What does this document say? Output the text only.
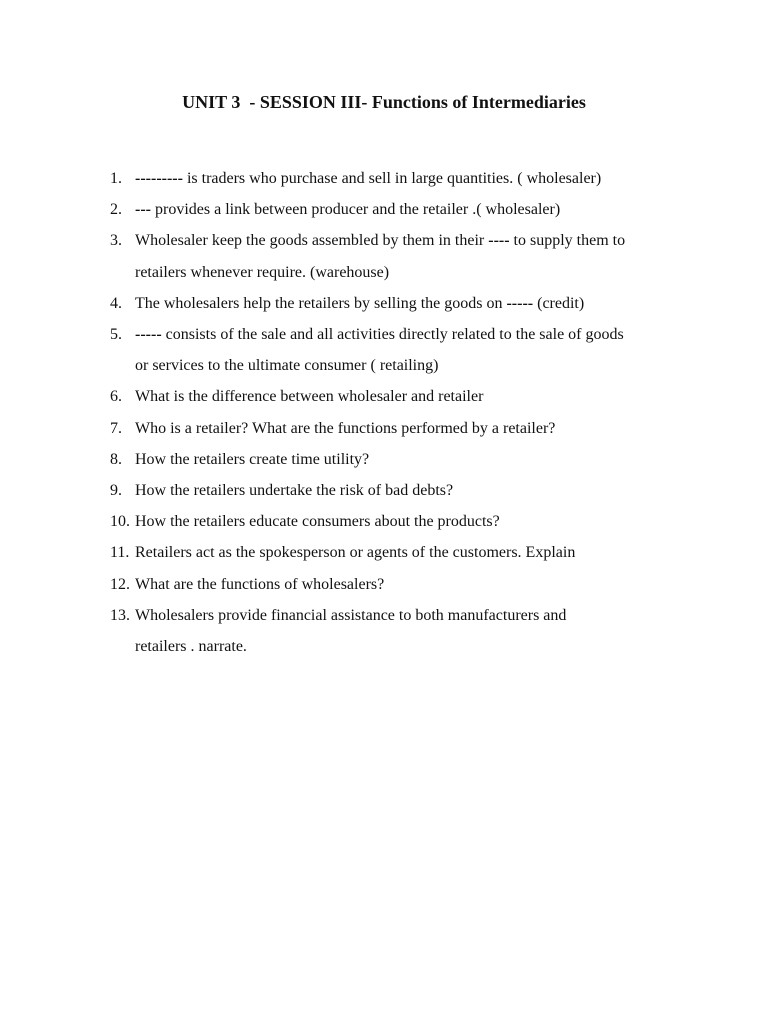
UNIT 3  - SESSION III- Functions of Intermediaries
1. --------- is traders who purchase and sell in large quantities. ( wholesaler)
2. --- provides a link between producer and the retailer .( wholesaler)
3. Wholesaler keep the goods assembled by them in their ---- to supply them to
retailers whenever require. (warehouse)
4. The wholesalers help the retailers by selling the goods on ----- (credit)
5. ----- consists of the sale and all activities directly related to the sale of goods
or services to the ultimate consumer ( retailing)
6. What is the difference between wholesaler and retailer
7. Who is a retailer? What are the functions performed by a retailer?
8. How the retailers create time utility?
9. How the retailers undertake the risk of bad debts?
10. How the retailers educate consumers about the products?
11. Retailers act as the spokesperson or agents of the customers. Explain
12. What are the functions of wholesalers?
13. Wholesalers provide financial assistance to both manufacturers and
retailers . narrate.
